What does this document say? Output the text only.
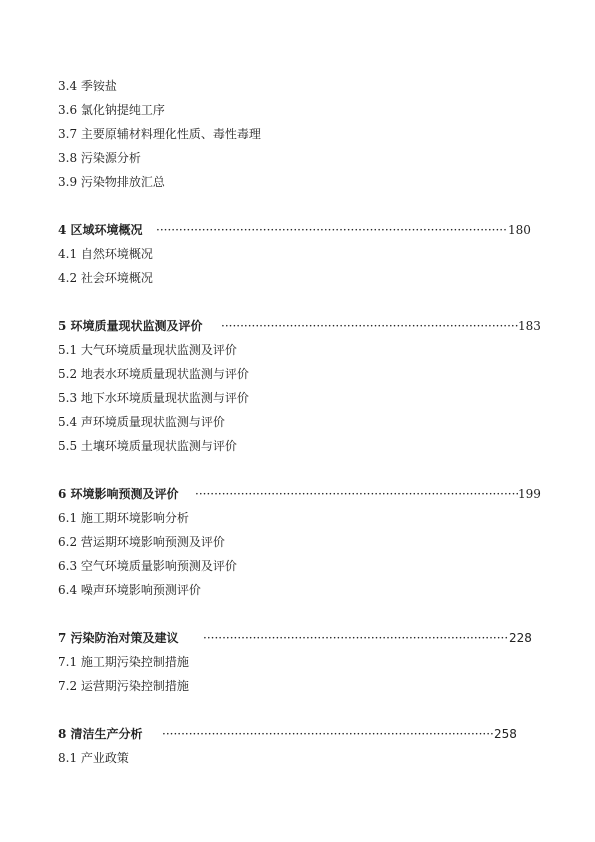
3.4 季铵盐
3.6 氯化钠提纯工序
3.7 主要原辅材料理化性质、毒性毒理
3.8 污染源分析
3.9 污染物排放汇总
4 区域环境概况 ·····	180
4.1 自然环境概况
4.2 社会环境概况
5 环境质量现状监测及评价 ·····	183
5.1 大气环境质量现状监测及评价
5.2 地表水环境质量现状监测与评价
5.3 地下水环境质量现状监测与评价
5.4 声环境质量现状监测与评价
5.5 土壤环境质量现状监测与评价
6 环境影响预测及评价 ·····	199
6.1 施工期环境影响分析
6.2 营运期环境影响预测及评价
6.3 空气环境质量影响预测及评价
6.4 噪声环境影响预测评价
7 污染防治对策及建议 ·····	228
7.1 施工期污染控制措施
7.2 运营期污染控制措施
8 清洁生产分析 ·····	258
8.1 产业政策
